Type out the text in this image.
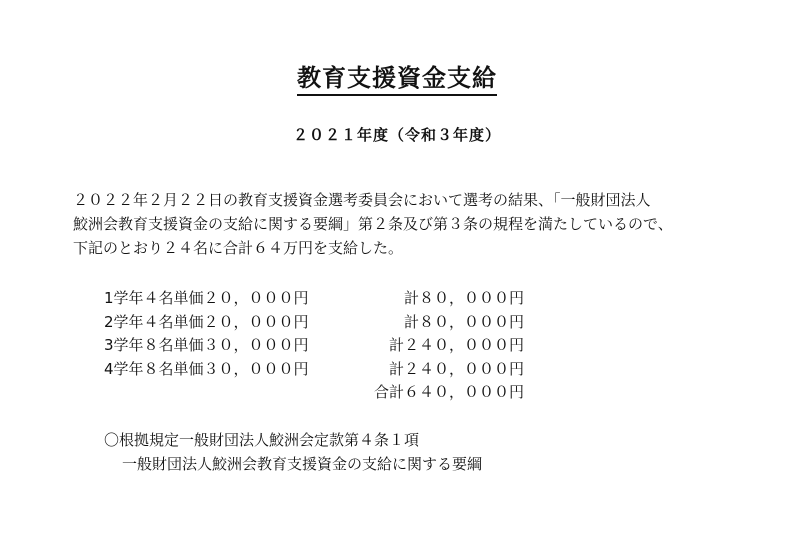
教育支援資金支給
２０２１年度（令和３年度）
２０２２年２月２２日の教育支援資金選考委員会において選考の結果、「一般財団法人
鮫洲会教育支援資金の支給に関する要綱」第２条及び第３条の規程を満たしているので、
下記のとおり２４名に合計６４万円を支給した。
1学年４名単価２０，０００円	計８０，０００円
2学年４名単価２０，０００円	計８０，０００円
3学年８名単価３０，０００円	計２４０，０００円
4学年８名単価３０，０００円	計２４０，０００円
合計６４０，０００円
〇根拠規定一般財団法人鮫洲会定款第４条１項
一般財団法人鮫洲会教育支援資金の支給に関する要綱
